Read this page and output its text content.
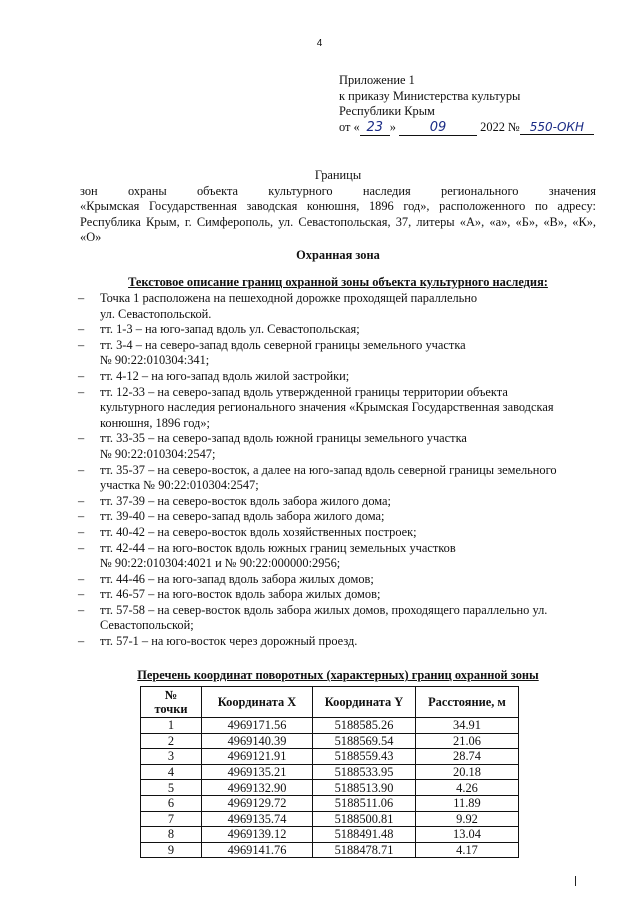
4
Приложение 1
к приказу Министерства культуры
Республики Крым
от « 23 »	09	2022 № 550-ОКН
Границы
зон охраны объекта культурного наследия регионального значения
«Крымская Государственная заводская конюшня, 1896 год», расположенного по адресу:
Республика Крым, г. Симферополь, ул. Севастопольская, 37, литеры «А», «а», «Б», «В», «К»,
«О»
Охранная зона
Текстовое описание границ охранной зоны объекта культурного наследия:
– Точка 1 расположена на пешеходной дорожке проходящей параллельно
ул. Севастопольской.
– тт. 1-3 – на юго-запад вдоль ул. Севастопольская;
– тт. 3-4 – на северо-запад вдоль северной границы земельного участка
№ 90:22:010304:341;
– тт. 4-12 – на юго-запад вдоль жилой застройки;
– тт. 12-33 – на северо-запад вдоль утвержденной границы территории объекта
культурного наследия регионального значения «Крымская Государственная заводская
конюшня, 1896 год»;
– тт. 33-35 – на северо-запад вдоль южной границы земельного участка
№ 90:22:010304:2547;
– тт. 35-37 – на северо-восток, а далее на юго-запад вдоль северной границы земельного
участка № 90:22:010304:2547;
– тт. 37-39 – на северо-восток вдоль забора жилого дома;
– тт. 39-40 – на северо-запад вдоль забора жилого дома;
– тт. 40-42 – на северо-восток вдоль хозяйственных построек;
– тт. 42-44 – на юго-восток вдоль южных границ земельных участков
№ 90:22:010304:4021 и № 90:22:000000:2956;
– тт. 44-46 – на юго-запад вдоль забора жилых домов;
– тт. 46-57 – на юго-восток вдоль забора жилых домов;
– тт. 57-58 – на север-восток вдоль забора жилых домов, проходящего параллельно ул.
Севастопольской;
– тт. 57-1 – на юго-восток через дорожный проезд.
Перечень координат поворотных (характерных) границ охранной зоны
№
точки	Координата X	Координата Y	Расстояние, м
1	4969171.56	5188585.26	34.91
2	4969140.39	5188569.54	21.06
3	4969121.91	5188559.43	28.74
4	4969135.21	5188533.95	20.18
5	4969132.90	5188513.90	4.26
6	4969129.72	5188511.06	11.89
7	4969135.74	5188500.81	9.92
8	4969139.12	5188491.48	13.04
9	4969141.76	5188478.71	4.17
